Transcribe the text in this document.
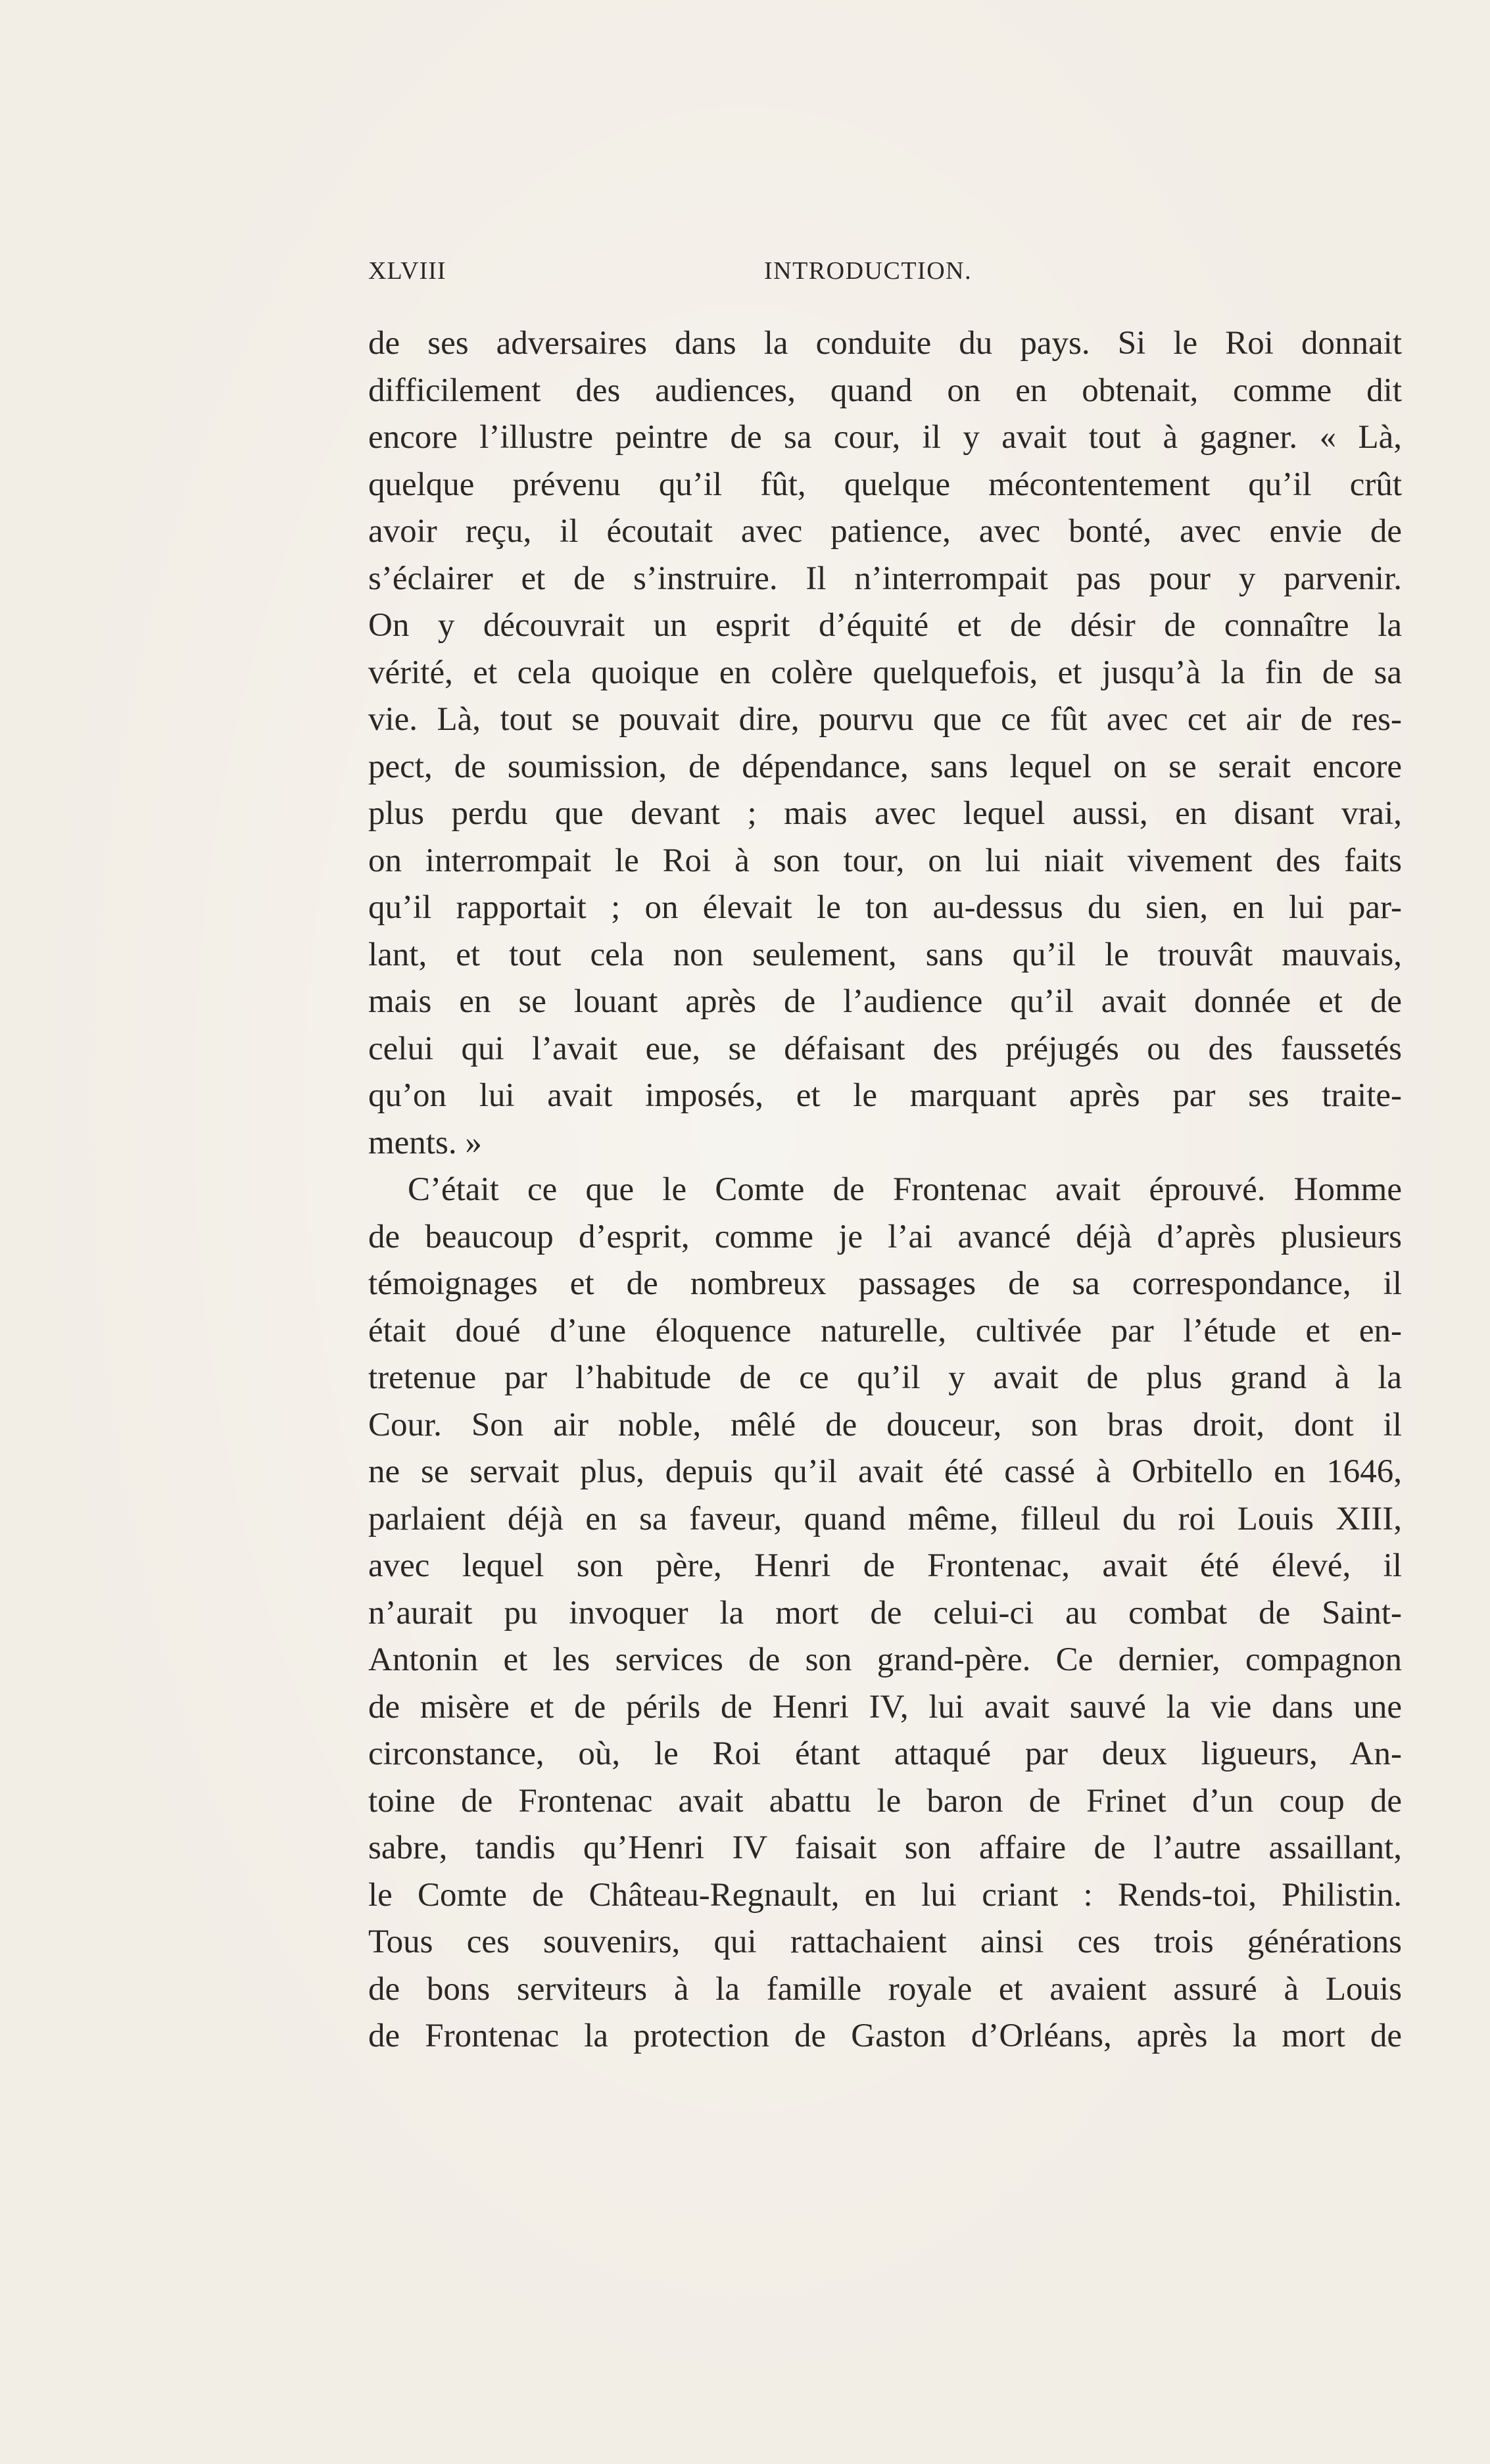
XLVIII	INTRODUCTION.
de ses adversaires dans la conduite du pays. Si le Roi donnait
difficilement des audiences, quand on en obtenait, comme dit
encore l’illustre peintre de sa cour, il y avait tout à gagner. « Là,
quelque prévenu qu’il fût, quelque mécontentement qu’il crût
avoir reçu, il écoutait avec patience, avec bonté, avec envie de
s’éclairer et de s’instruire. Il n’interrompait pas pour y parvenir.
On y découvrait un esprit d’équité et de désir de connaître la
vérité, et cela quoique en colère quelquefois, et jusqu’à la fin de sa
vie. Là, tout se pouvait dire, pourvu que ce fût avec cet air de res-
pect, de soumission, de dépendance, sans lequel on se serait encore
plus perdu que devant ; mais avec lequel aussi, en disant vrai,
on interrompait le Roi à son tour, on lui niait vivement des faits
qu’il rapportait ; on élevait le ton au-dessus du sien, en lui par-
lant, et tout cela non seulement, sans qu’il le trouvât mauvais,
mais en se louant après de l’audience qu’il avait donnée et de
celui qui l’avait eue, se défaisant des préjugés ou des faussetés
qu’on lui avait imposés, et le marquant après par ses traite-
ments. »
C’était ce que le Comte de Frontenac avait éprouvé. Homme
de beaucoup d’esprit, comme je l’ai avancé déjà d’après plusieurs
témoignages et de nombreux passages de sa correspondance, il
était doué d’une éloquence naturelle, cultivée par l’étude et en-
tretenue par l’habitude de ce qu’il y avait de plus grand à la
Cour. Son air noble, mêlé de douceur, son bras droit, dont il
ne se servait plus, depuis qu’il avait été cassé à Orbitello en 1646,
parlaient déjà en sa faveur, quand même, filleul du roi Louis XIII,
avec lequel son père, Henri de Frontenac, avait été élevé, il
n’aurait pu invoquer la mort de celui-ci au combat de Saint-
Antonin et les services de son grand-père. Ce dernier, compagnon
de misère et de périls de Henri IV, lui avait sauvé la vie dans une
circonstance, où, le Roi étant attaqué par deux ligueurs, An-
toine de Frontenac avait abattu le baron de Frinet d’un coup de
sabre, tandis qu’Henri IV faisait son affaire de l’autre assaillant,
le Comte de Château-Regnault, en lui criant : Rends-toi, Philistin.
Tous ces souvenirs, qui rattachaient ainsi ces trois générations
de bons serviteurs à la famille royale et avaient assuré à Louis
de Frontenac la protection de Gaston d’Orléans, après la mort de
